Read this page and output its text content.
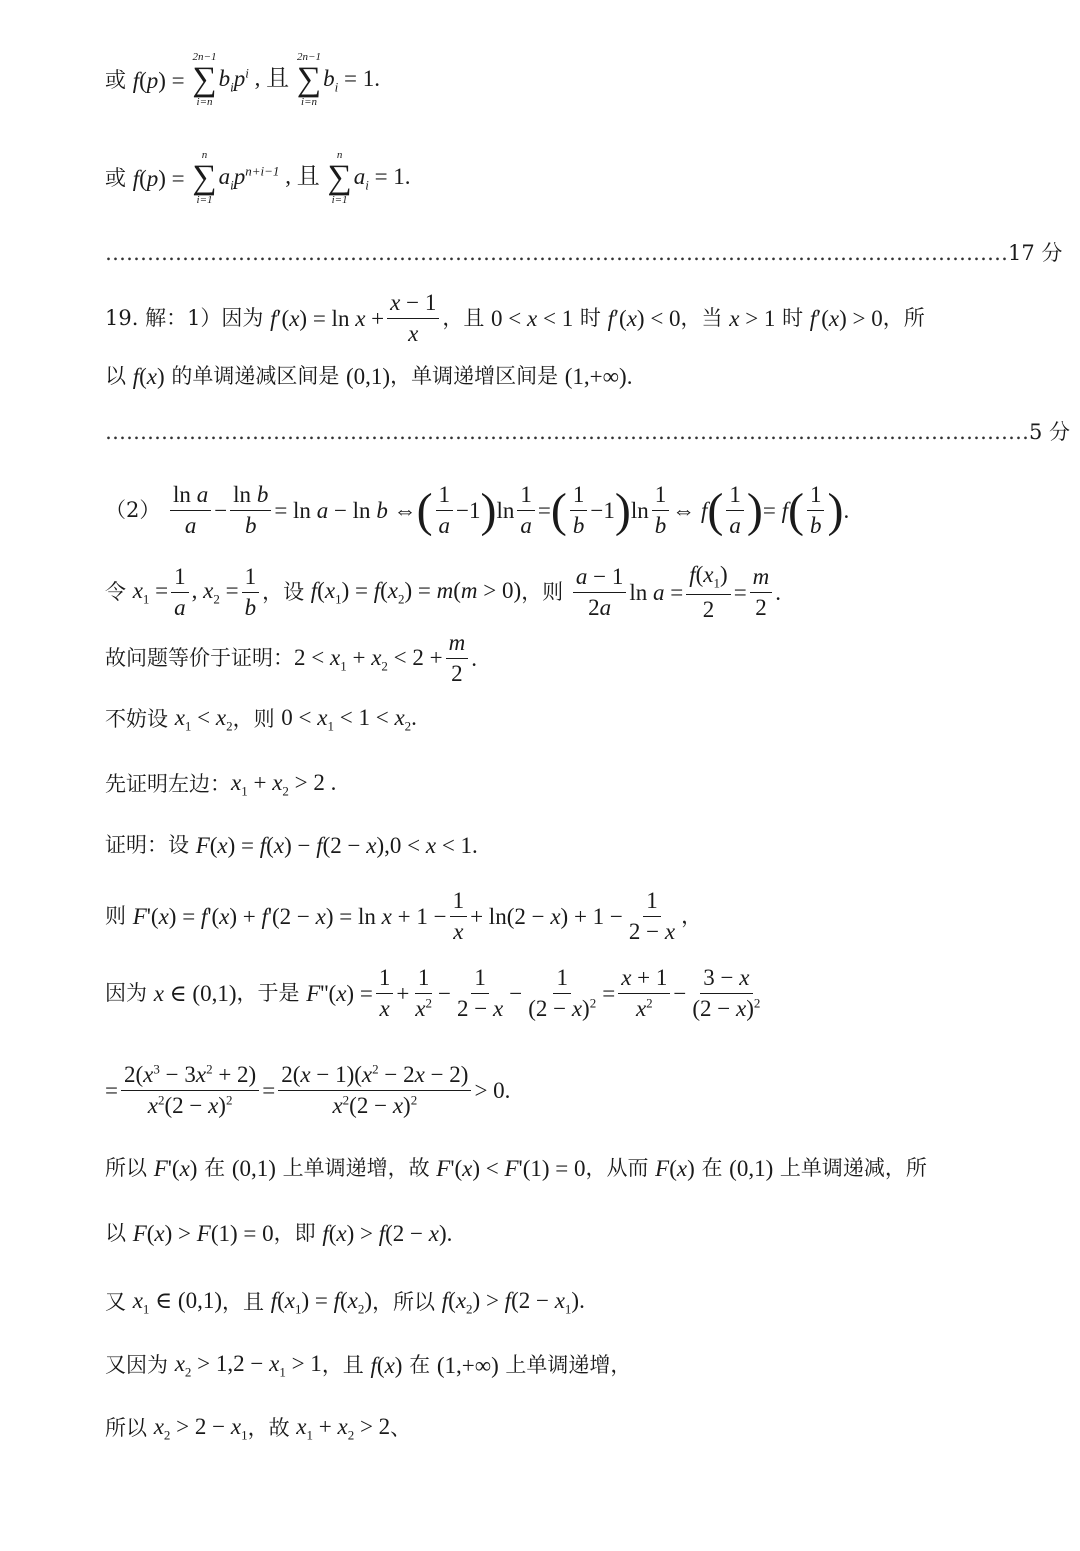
或 f(p) =
2n−1
∑
i=n
$b_ip^i$ , 且
2n−1
∑
i=n
$b_i = 1$.
或 f(p) =
n
∑
i=1
$a_ip^{n+i-1}$ , 且
n
∑
i=1
$a_i = 1$.
………………………………………………………………………………………………………………… 17 分
19. 解：1）因为 $f'(x) = \ln x + \frac{x - 1}{x}$ ，且 0 < x < 1 时 f′(x) < 0 ，当 x > 1 时 f′(x) > 0 ，所
以 f(x) 的单调递减区间是 (0,1) ，单调递增区间是 (1,+∞).
…………………………………………………………………………………………………………………… 5 分
$(2) \frac{\text{ln a}}{a} - \frac{\text{ln b}}{b} = \ln a - \ln b$ ⇔ ( $\frac{1}{a} -1$ ) $\ln \frac{1}{a}$ = ( $\frac{1}{b} -1$ ) $\ln \frac{1}{b}$ ⇔ f ( $\frac{1}{a}$ ) = f ( $\frac{1}{b}$ ) .
令 $x_1 = \frac{1}{a}$ , $x_2 = \frac{1}{b}$ ，设 $f(x_1) = f(x_2) = m(m > 0)$ ，则 $\frac{a - 1}{2a}$ $\ln a = \frac{f(x_1)}{2} = \frac{m}{2}$ .
故问题等价于证明： $2 < x_1 + x_2 < 2 + \frac{m}{2}$ .
不妨设 $x_1 < x_2$ ，则 $0 < x_1 < 1 < x_2$.
先证明左边： $x_1 + x_2 > 2$ .
证明：设 F(x) = f(x) − f(2 − x),0 < x < 1.
则 $F'(x) = f'(x) + f'(2 - x) = \ln x + 1 - \frac{1}{x} + \ln(2 - x) + 1 - \frac{1}{2 - x}$ ，
因为 x ∈ (0,1) ，于是 $F''(x) = \frac{1}{x} + \frac{1}{x^2} - \frac{1}{2 - x} - \frac{1}{(2 - x)^2} = \frac{x + 1}{x^2} - \frac{3 - x}{(2 - x)^2}$
= $\frac{2(x^3 - 3x^2 + 2)}{x^2(2 - x)^2} = \frac{2(x - 1)(x^2 - 2x - 2)}{x^2(2 - x)^2} > 0$.
所以 F'(x) 在 (0,1) 上单调递增，故 F'(x) < F'(1) = 0 ，从而 F(x) 在 (0,1) 上单调递减，所
以 F(x) > F(1) = 0 ，即 f(x) > f(2 − x).
又 $x_1$ ∈ (0,1) ，且 $f(x_1) = f(x_2)$ ，所以 $f(x_2) > f(2 - x_1)$.
又因为 $x_2 > 1,2 - x_1 > 1$ ，且 f(x) 在 (1,+∞) 上单调递增，
所以 $x_2 > 2 - x_1$ ，故 $x_1 + x_2 > 2$ 、
